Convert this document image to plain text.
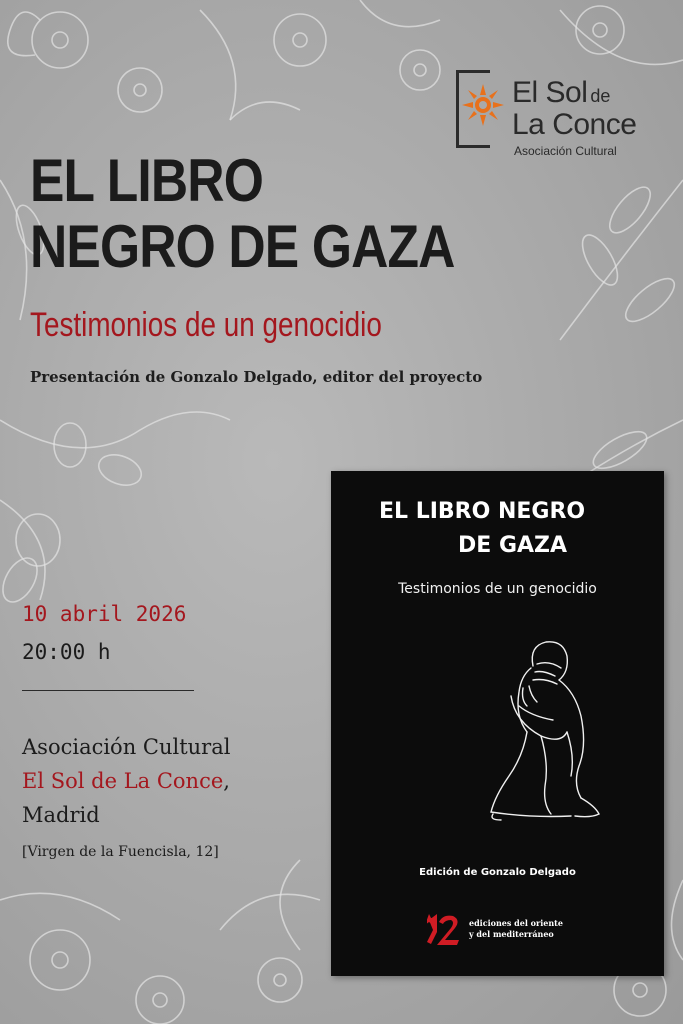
El Sol de
La Conce
Asociación Cultural
EL LIBRO
NEGRO DE GAZA
Testimonios de un genocidio
Presentación de Gonzalo Delgado, editor del proyecto
10 abril 2026
20:00 h
Asociación Cultural
El Sol de La Conce,
Madrid
[Virgen de la Fuencisla, 12]
EL LIBRO NEGRO
DE GAZA
Testimonios de un genocidio
Edición de Gonzalo Delgado
ediciones del oriente
y del mediterráneo
